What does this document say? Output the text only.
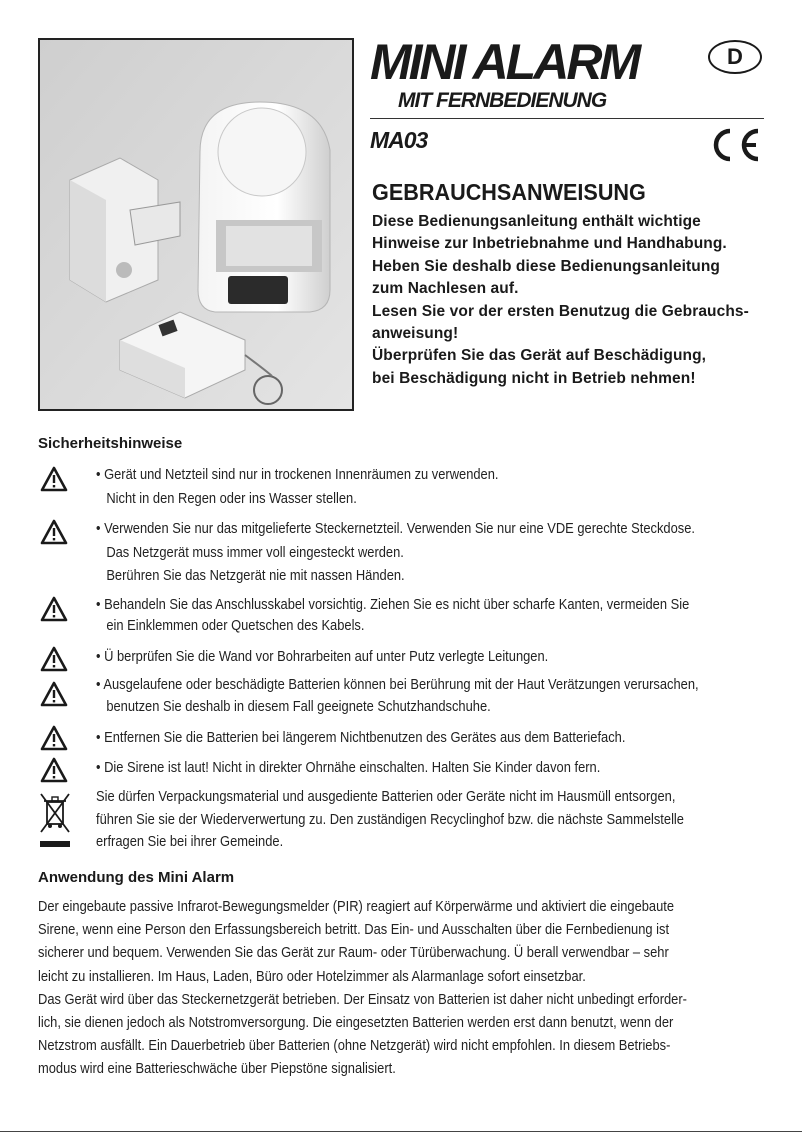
MINI ALARM
MIT FERNBEDIENUNG
MA03
D
GEBRAUCHSANWEISUNG

Diese Bedienungsanleitung enthält wichtige

Hinweise zur Inbetriebnahme und Handhabung.

Heben Sie deshalb diese Bedienungsanleitung

zum Nachlesen auf.

Lesen Sie vor der ersten Benutzug die Gebrauchs-

anweisung!

Überprüfen Sie das Gerät auf Beschädigung,

bei Beschädigung nicht in Betrieb nehmen!

Sicherheitshinweise
• Gerät und Netzteil sind nur in trockenen Innenräumen zu verwenden.
Nicht in den Regen oder ins Wasser stellen.
• Verwenden Sie nur das mitgelieferte Steckernetzteil. Verwenden Sie nur eine VDE gerechte Steckdose.
Das Netzgerät muss immer voll eingesteckt werden.
Berühren Sie das Netzgerät nie mit nassen Händen.
• Behandeln Sie das Anschlusskabel vorsichtig. Ziehen Sie es nicht über scharfe Kanten, vermeiden Sie
ein Einklemmen oder Quetschen des Kabels.
• Ü berprüfen Sie die Wand vor Bohrarbeiten auf unter Putz verlegte Leitungen.
• Ausgelaufene oder beschädigte Batterien können bei Berührung mit der Haut Verätzungen verursachen,
benutzen Sie deshalb in diesem Fall geeignete Schutzhandschuhe.
• Entfernen Sie die Batterien bei längerem Nichtbenutzen des Gerätes aus dem Batteriefach.
• Die Sirene ist laut! Nicht in direkter Ohrnähe einschalten. Halten Sie Kinder davon fern.
Sie dürfen Verpackungsmaterial und ausgediente Batterien oder Geräte nicht im Hausmüll entsorgen,
führen Sie sie der Wiederverwertung zu. Den zuständigen Recyclinghof bzw. die nächste Sammelstelle
erfragen Sie bei ihrer Gemeinde.
Anwendung des Mini Alarm
Der eingebaute passive Infrarot-Bewegungsmelder (PIR) reagiert auf Körperwärme und aktiviert die eingebaute
Sirene, wenn eine Person den Erfassungsbereich betritt. Das Ein- und Ausschalten über die Fernbedienung ist
sicherer und bequem. Verwenden Sie das Gerät zur Raum- oder Türüberwachung. Ü berall verwendbar – sehr
leicht zu installieren. Im Haus, Laden, Büro oder Hotelzimmer als Alarmanlage sofort einsetzbar.
Das Gerät wird über das Steckernetzgerät betrieben. Der Einsatz von Batterien ist daher nicht unbedingt erforder-
lich, sie dienen jedoch als Notstromversorgung. Die eingesetzten Batterien werden erst dann benutzt, wenn der
Netzstrom ausfällt. Ein Dauerbetrieb über Batterien (ohne Netzgerät) wird nicht empfohlen. In diesem Betriebs-
modus wird eine Batterieschwäche über Piepstöne signalisiert.
